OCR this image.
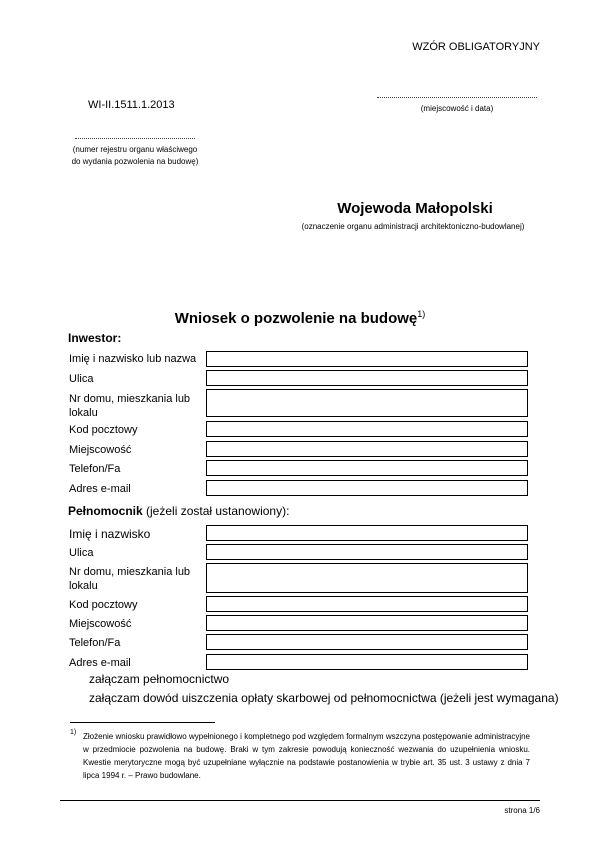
WZÓR OBLIGATORYJNY
WI-II.1511.1.2013	(miejscowość i data)
(numer rejestru organu właściwego do wydania pozwolenia na budowę)
Wojewoda Małopolski
(oznaczenie organu administracji architektoniczno-budowlanej)
Wniosek o pozwolenie na budowę$^{1)}$
Inwestor:
Imię i nazwisko lub nazwa
Ulica
Nr domu, mieszkania lub lokalu
Kod pocztowy
Miejscowość
Telefon/Fa
Adres e-mail
Pełnomocnik (jeżeli został ustanowiony):
Imię i nazwisko
Ulica
Nr domu, mieszkania lub lokalu
Kod pocztowy
Miejscowość
Telefon/Fa
Adres e-mail
załączam pełnomocnictwo
załączam dowód uiszczenia opłaty skarbowej od pełnomocnictwa (jeżeli jest wymagana)
1) Złożenie wniosku prawidłowo wypełnionego i kompletnego pod względem formalnym wszczyna postępowanie administracyjne w przedmiocie pozwolenia na budowę. Braki w tym zakresie powodują konieczność wezwania do uzupełnienia wniosku. Kwestie merytoryczne mogą być uzupełniane wyłącznie na podstawie postanowienia w trybie art. 35 ust. 3 ustawy z dnia 7 lipca 1994 r. – Prawo budowlane.
strona 1/6
